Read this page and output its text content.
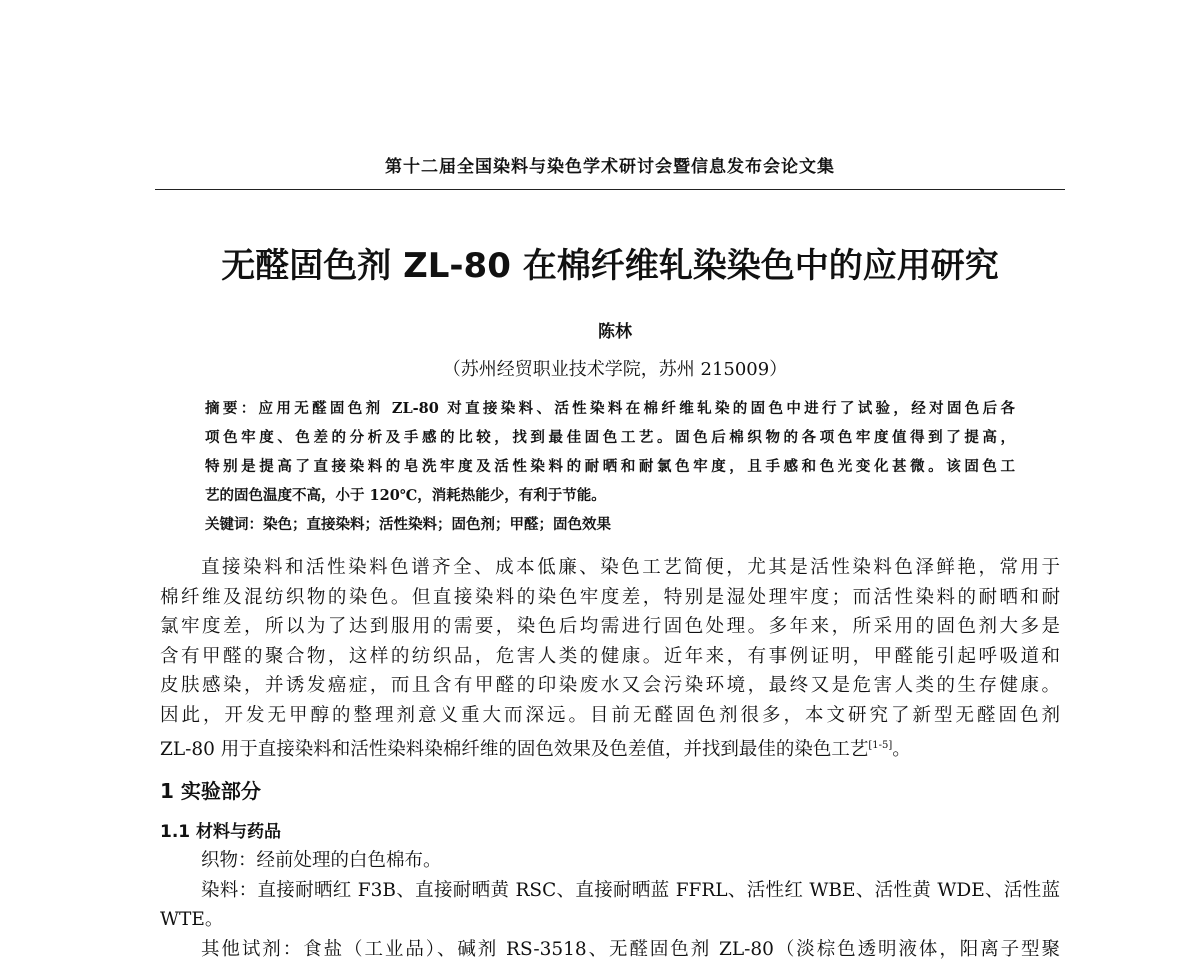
第十二届全国染料与染色学术研讨会暨信息发布会论文集
无醛固色剂 ZL-80 在棉纤维轧染染色中的应用研究
陈林
（苏州经贸职业技术学院，苏州 215009）
摘要：应用无醛固色剂 ZL-80 对直接染料、活性染料在棉纤维轧染的固色中进行了试验，经对固色后各
项色牢度、色差的分析及手感的比较，找到最佳固色工艺。固色后棉织物的各项色牢度值得到了提高，
特别是提高了直接染料的皂洗牢度及活性染料的耐晒和耐氯色牢度，且手感和色光变化甚微。该固色工
艺的固色温度不高，小于 120℃，消耗热能少，有利于节能。
关键词：染色；直接染料；活性染料；固色剂；甲醛；固色效果
直接染料和活性染料色谱齐全、成本低廉、染色工艺简便，尤其是活性染料色泽鲜艳，常用于
棉纤维及混纺织物的染色。但直接染料的染色牢度差，特别是湿处理牢度；而活性染料的耐晒和耐
氯牢度差，所以为了达到服用的需要，染色后均需进行固色处理。多年来，所采用的固色剂大多是
含有甲醛的聚合物，这样的纺织品，危害人类的健康。近年来，有事例证明，甲醛能引起呼吸道和
皮肤感染，并诱发癌症，而且含有甲醛的印染废水又会污染环境，最终又是危害人类的生存健康。
因此，开发无甲醇的整理剂意义重大而深远。目前无醛固色剂很多，本文研究了新型无醛固色剂
ZL-80 用于直接染料和活性染料染棉纤维的固色效果及色差值，并找到最佳的染色工艺[1-5]。
1 实验部分
1.1 材料与药品
织物：经前处理的白色棉布。
染料：直接耐晒红 F3B、直接耐晒黄 RSC、直接耐晒蓝 FFRL、活性红 WBE、活性黄 WDE、活性蓝
WTE。
其他试剂：食盐（工业品）、碱剂 RS-3518、无醛固色剂 ZL-80（淡棕色透明液体，阳离子型聚
